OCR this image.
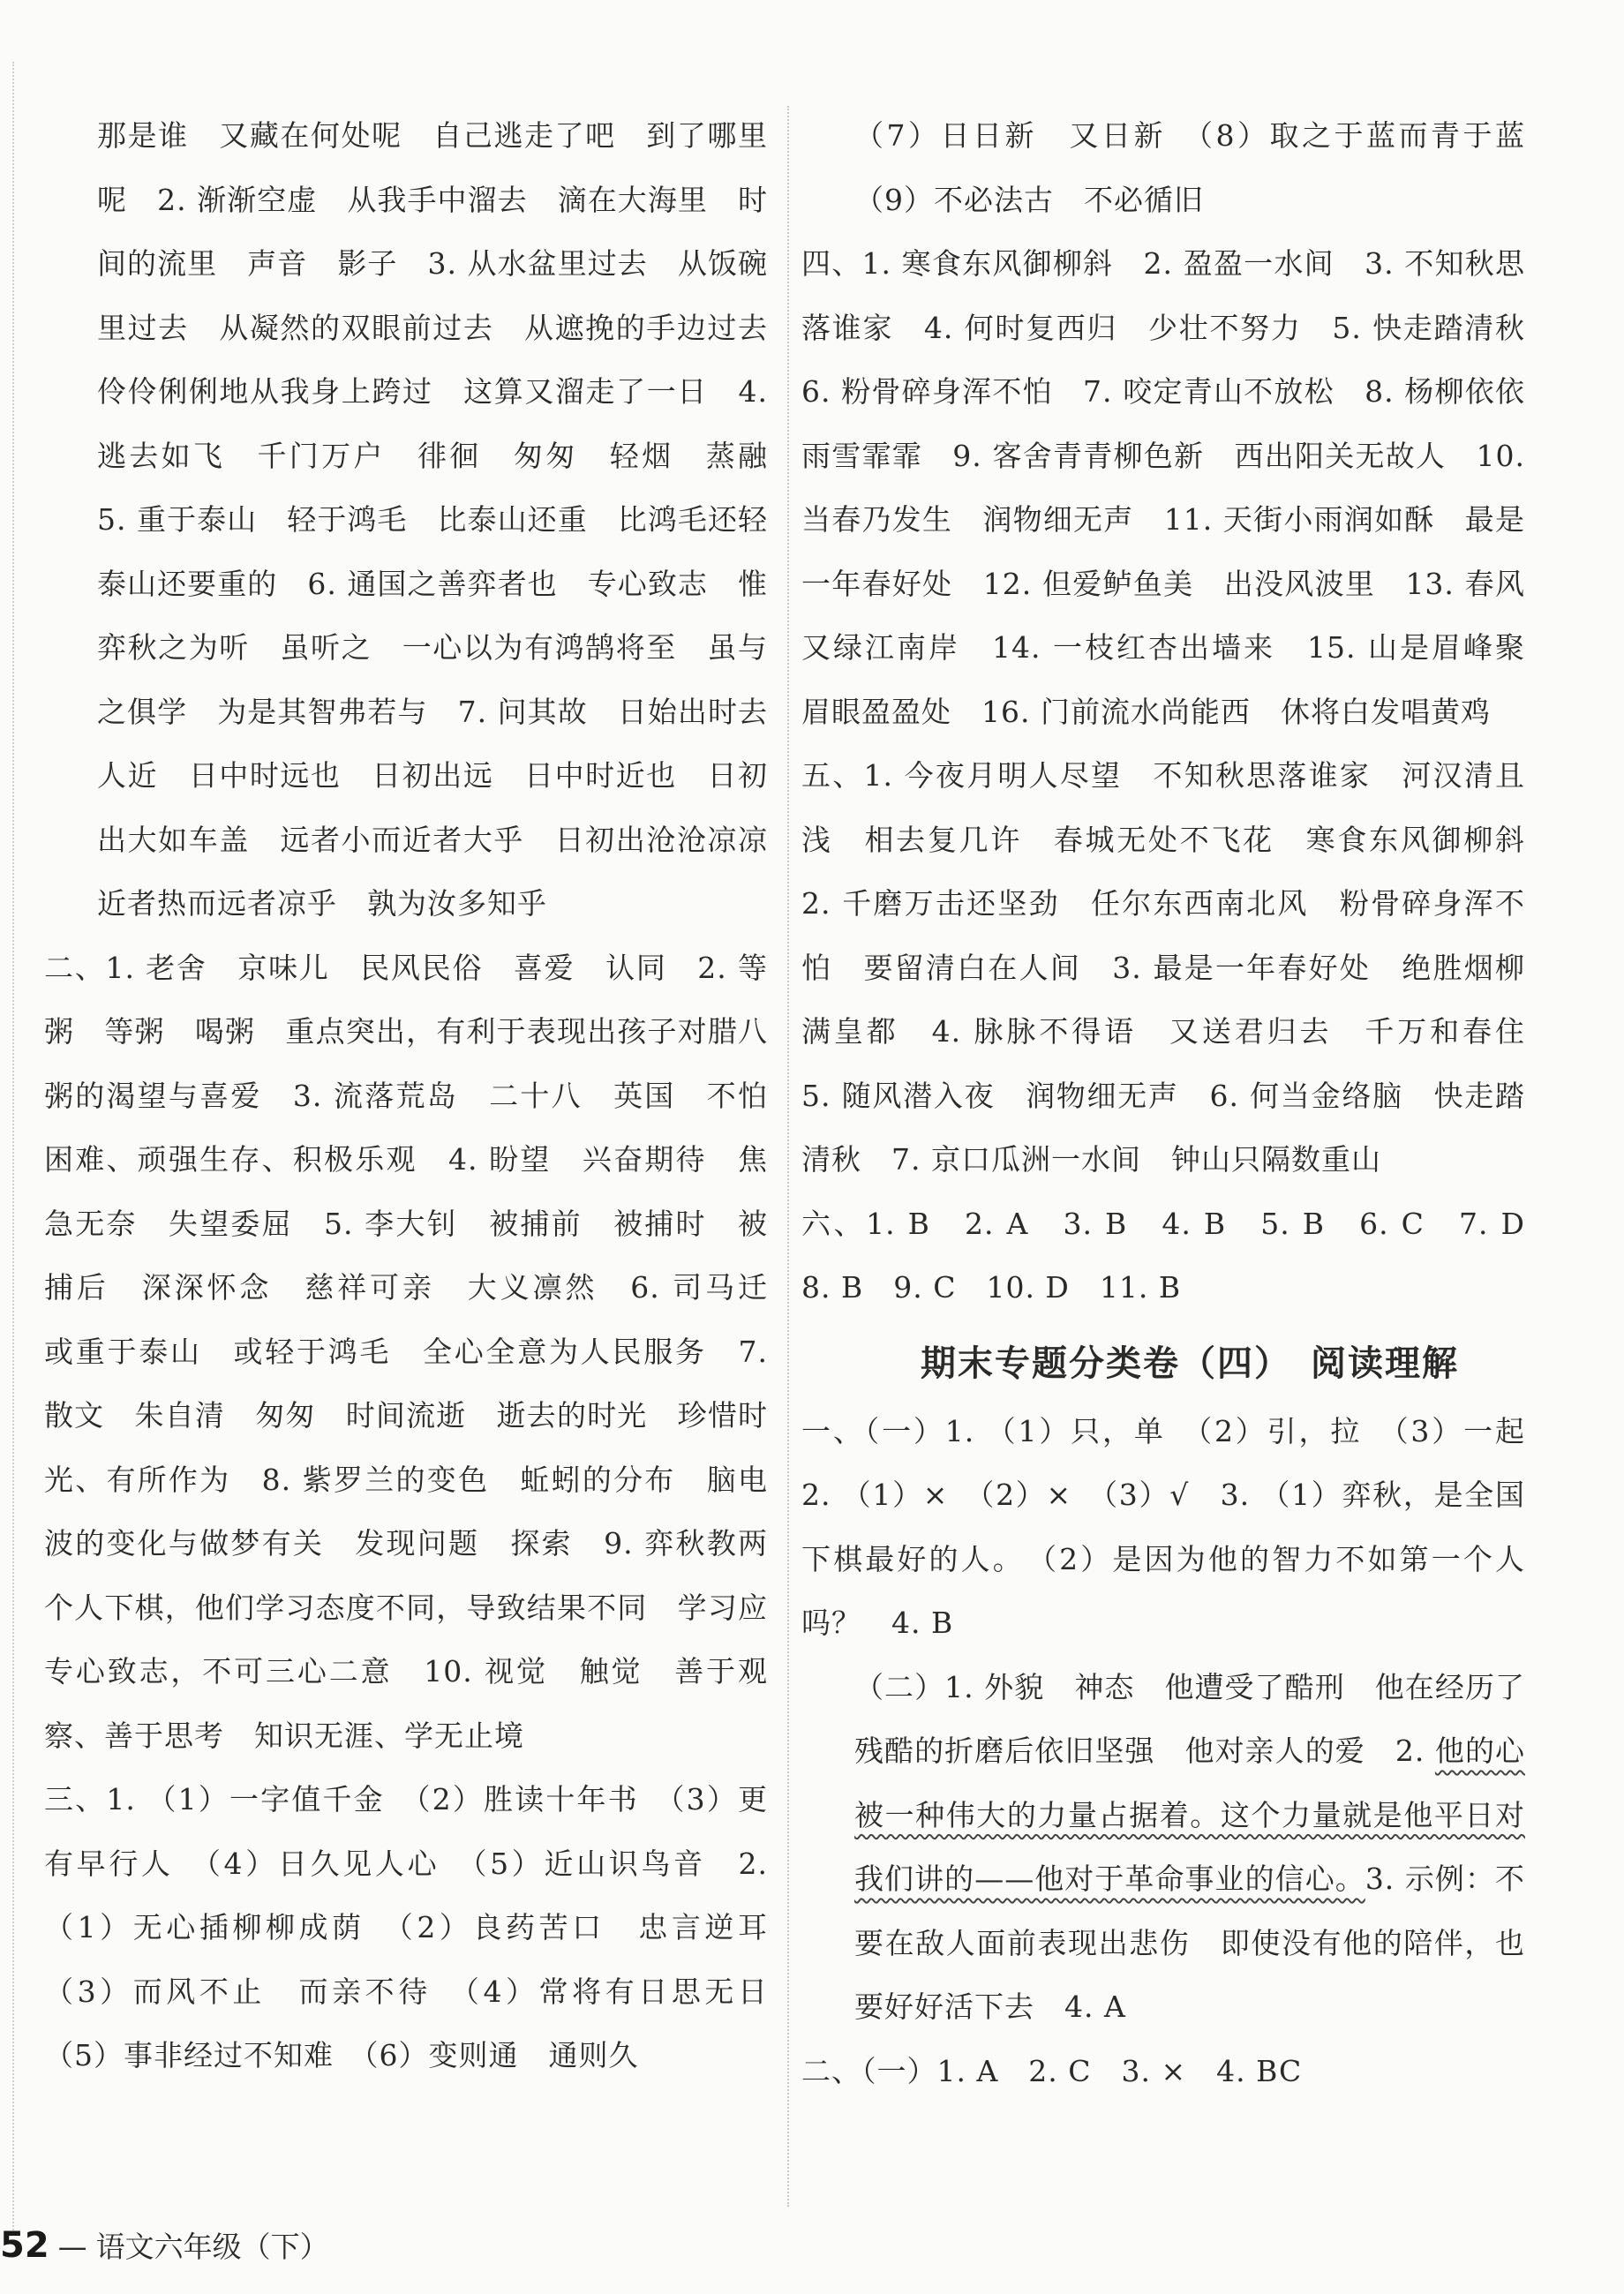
那是谁　又藏在何处呢　自己逃走了吧　到了哪里呢　2. 渐渐空虚　从我手中溜去　滴在大海里　时间的流里　声音　影子　3. 从水盆里过去　从饭碗里过去　从凝然的双眼前过去　从遮挽的手边过去　伶伶俐俐地从我身上跨过　这算又溜走了一日　4. 逃去如飞　千门万户　徘徊　匆匆　轻烟　蒸融　5. 重于泰山　轻于鸿毛　比泰山还重　比鸿毛还轻　泰山还要重的　6. 通国之善弈者也　专心致志　惟弈秋之为听　虽听之　一心以为有鸿鹄将至　虽与之俱学　为是其智弗若与　7. 问其故　日始出时去人近　日中时远也　日初出远　日中时近也　日初出大如车盖　远者小而近者大乎　日初出沧沧凉凉　近者热而远者凉乎　孰为汝多知乎

二、1. 老舍　京味儿　民风民俗　喜爱　认同　2. 等粥　等粥　喝粥　重点突出，有利于表现出孩子对腊八粥的渴望与喜爱　3. 流落荒岛　二十八　英国　不怕困难、顽强生存、积极乐观　4. 盼望　兴奋期待　焦急无奈　失望委屈　5. 李大钊　被捕前　被捕时　被捕后　深深怀念　慈祥可亲　大义凛然　6. 司马迁　或重于泰山　或轻于鸿毛　全心全意为人民服务　7. 散文　朱自清　匆匆　时间流逝　逝去的时光　珍惜时光、有所作为　8. 紫罗兰的变色　蚯蚓的分布　脑电波的变化与做梦有关　发现问题　探索　9. 弈秋教两个人下棋，他们学习态度不同，导致结果不同　学习应专心致志，不可三心二意　10. 视觉　触觉　善于观察、善于思考　知识无涯、学无止境

三、1. （1）一字值千金　（2）胜读十年书　（3）更有早行人　（4）日久见人心　（5）近山识鸟音　2. （1）无心插柳柳成荫　（2）良药苦口　忠言逆耳　（3）而风不止　而亲不待　（4）常将有日思无日　（5）事非经过不知难　（6）变则通　通则久

（7）日日新　又日新　（8）取之于蓝而青于蓝　（9）不必法古　不必循旧

四、1. 寒食东风御柳斜　2. 盈盈一水间　3. 不知秋思落谁家　4. 何时复西归　少壮不努力　5. 快走踏清秋　6. 粉骨碎身浑不怕　7. 咬定青山不放松　8. 杨柳依依　雨雪霏霏　9. 客舍青青柳色新　西出阳关无故人　10. 当春乃发生　润物细无声　11. 天街小雨润如酥　最是一年春好处　12. 但爱鲈鱼美　出没风波里　13. 春风又绿江南岸　14. 一枝红杏出墙来　15. 山是眉峰聚　眉眼盈盈处　16. 门前流水尚能西　休将白发唱黄鸡

五、1. 今夜月明人尽望　不知秋思落谁家　河汉清且浅　相去复几许　春城无处不飞花　寒食东风御柳斜　2. 千磨万击还坚劲　任尔东西南北风　粉骨碎身浑不怕　要留清白在人间　3. 最是一年春好处　绝胜烟柳满皇都　4. 脉脉不得语　又送君归去　千万和春住　5. 随风潜入夜　润物细无声　6. 何当金络脑　快走踏清秋　7. 京口瓜洲一水间　钟山只隔数重山

六、1. B　2. A　3. B　4. B　5. B　6. C　7. D　8. B　9. C　10. D　11. B

期末专题分类卷（四）　阅读理解

一、（一）1. （1）只，单　（2）引，拉　（3）一起　2. （1）×　（2）×　（3）√　3. （1）弈秋，是全国下棋最好的人。　（2）是因为他的智力不如第一个人吗？　4. B

（二）1. 外貌　神态　他遭受了酷刑　他在经历了残酷的折磨后依旧坚强　他对亲人的爱　2. 他的心被一种伟大的力量占据着。这个力量就是他平日对我们讲的——他对于革命事业的信心。3. 示例：不要在敌人面前表现出悲伤　即使没有他的陪伴，也要好好活下去　4. A

二、（一）1. A　2. C　3. ×　4. BC

52 — 语文六年级（下）
